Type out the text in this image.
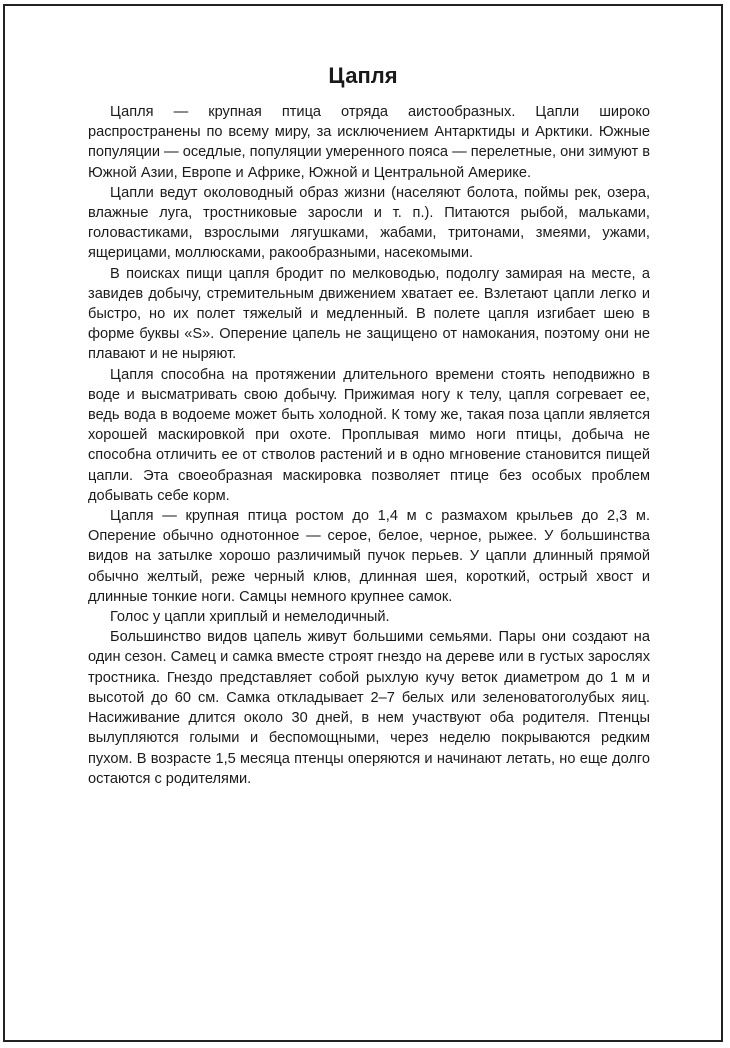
Цапля

Цапля — крупная птица отряда аистообразных. Цапли широко распространены по всему миру, за исключением Антарктиды и Арктики. Южные популяции — оседлые, популяции умеренного пояса — перелетные, они зимуют в Южной Азии, Европе и Африке, Южной и Центральной Америке.

Цапли ведут околоводный образ жизни (населяют болота, поймы рек, озера, влажные луга, тростниковые заросли и т. п.). Питаются рыбой, мальками, головастиками, взрослыми лягушками, жабами, тритонами, змеями, ужами, ящерицами, моллюсками, ракообразными, насекомыми.

В поисках пищи цапля бродит по мелководью, подолгу замирая на месте, а завидев добычу, стремительным движением хватает ее. Взлетают цапли легко и быстро, но их полет тяжелый и медленный. В полете цапля изгибает шею в форме буквы «S». Оперение цапель не защищено от намокания, поэтому они не плавают и не ныряют.

Цапля способна на протяжении длительного времени стоять неподвижно в воде и высматривать свою добычу. Прижимая ногу к телу, цапля согревает ее, ведь вода в водоеме может быть холодной. К тому же, такая поза цапли является хорошей маскировкой при охоте. Проплывая мимо ноги птицы, добыча не способна отличить ее от стволов растений и в одно мгновение становится пищей цапли. Эта своеобразная маскировка позволяет птице без особых проблем добывать себе корм.

Цапля — крупная птица ростом до 1,4 м с размахом крыльев до 2,3 м. Оперение обычно однотонное — серое, белое, черное, рыжее. У большинства видов на затылке хорошо различимый пучок перьев. У цапли длинный прямой обычно желтый, реже черный клюв, длинная шея, короткий, острый хвост и длинные тонкие ноги. Самцы немного крупнее самок.

Голос у цапли хриплый и немелодичный.

Большинство видов цапель живут большими семьями. Пары они создают на один сезон. Самец и самка вместе строят гнездо на дереве или в густых зарослях тростника. Гнездо представляет собой рыхлую кучу веток диаметром до 1 м и высотой до 60 см. Самка откладывает 2–7 белых или зеленоватоголубых яиц. Насиживание длится около 30 дней, в нем участвуют оба родителя. Птенцы вылупляются голыми и беспомощными, через неделю покрываются редким пухом. В возрасте 1,5 месяца птенцы оперяются и начинают летать, но еще долго остаются с родителями.
